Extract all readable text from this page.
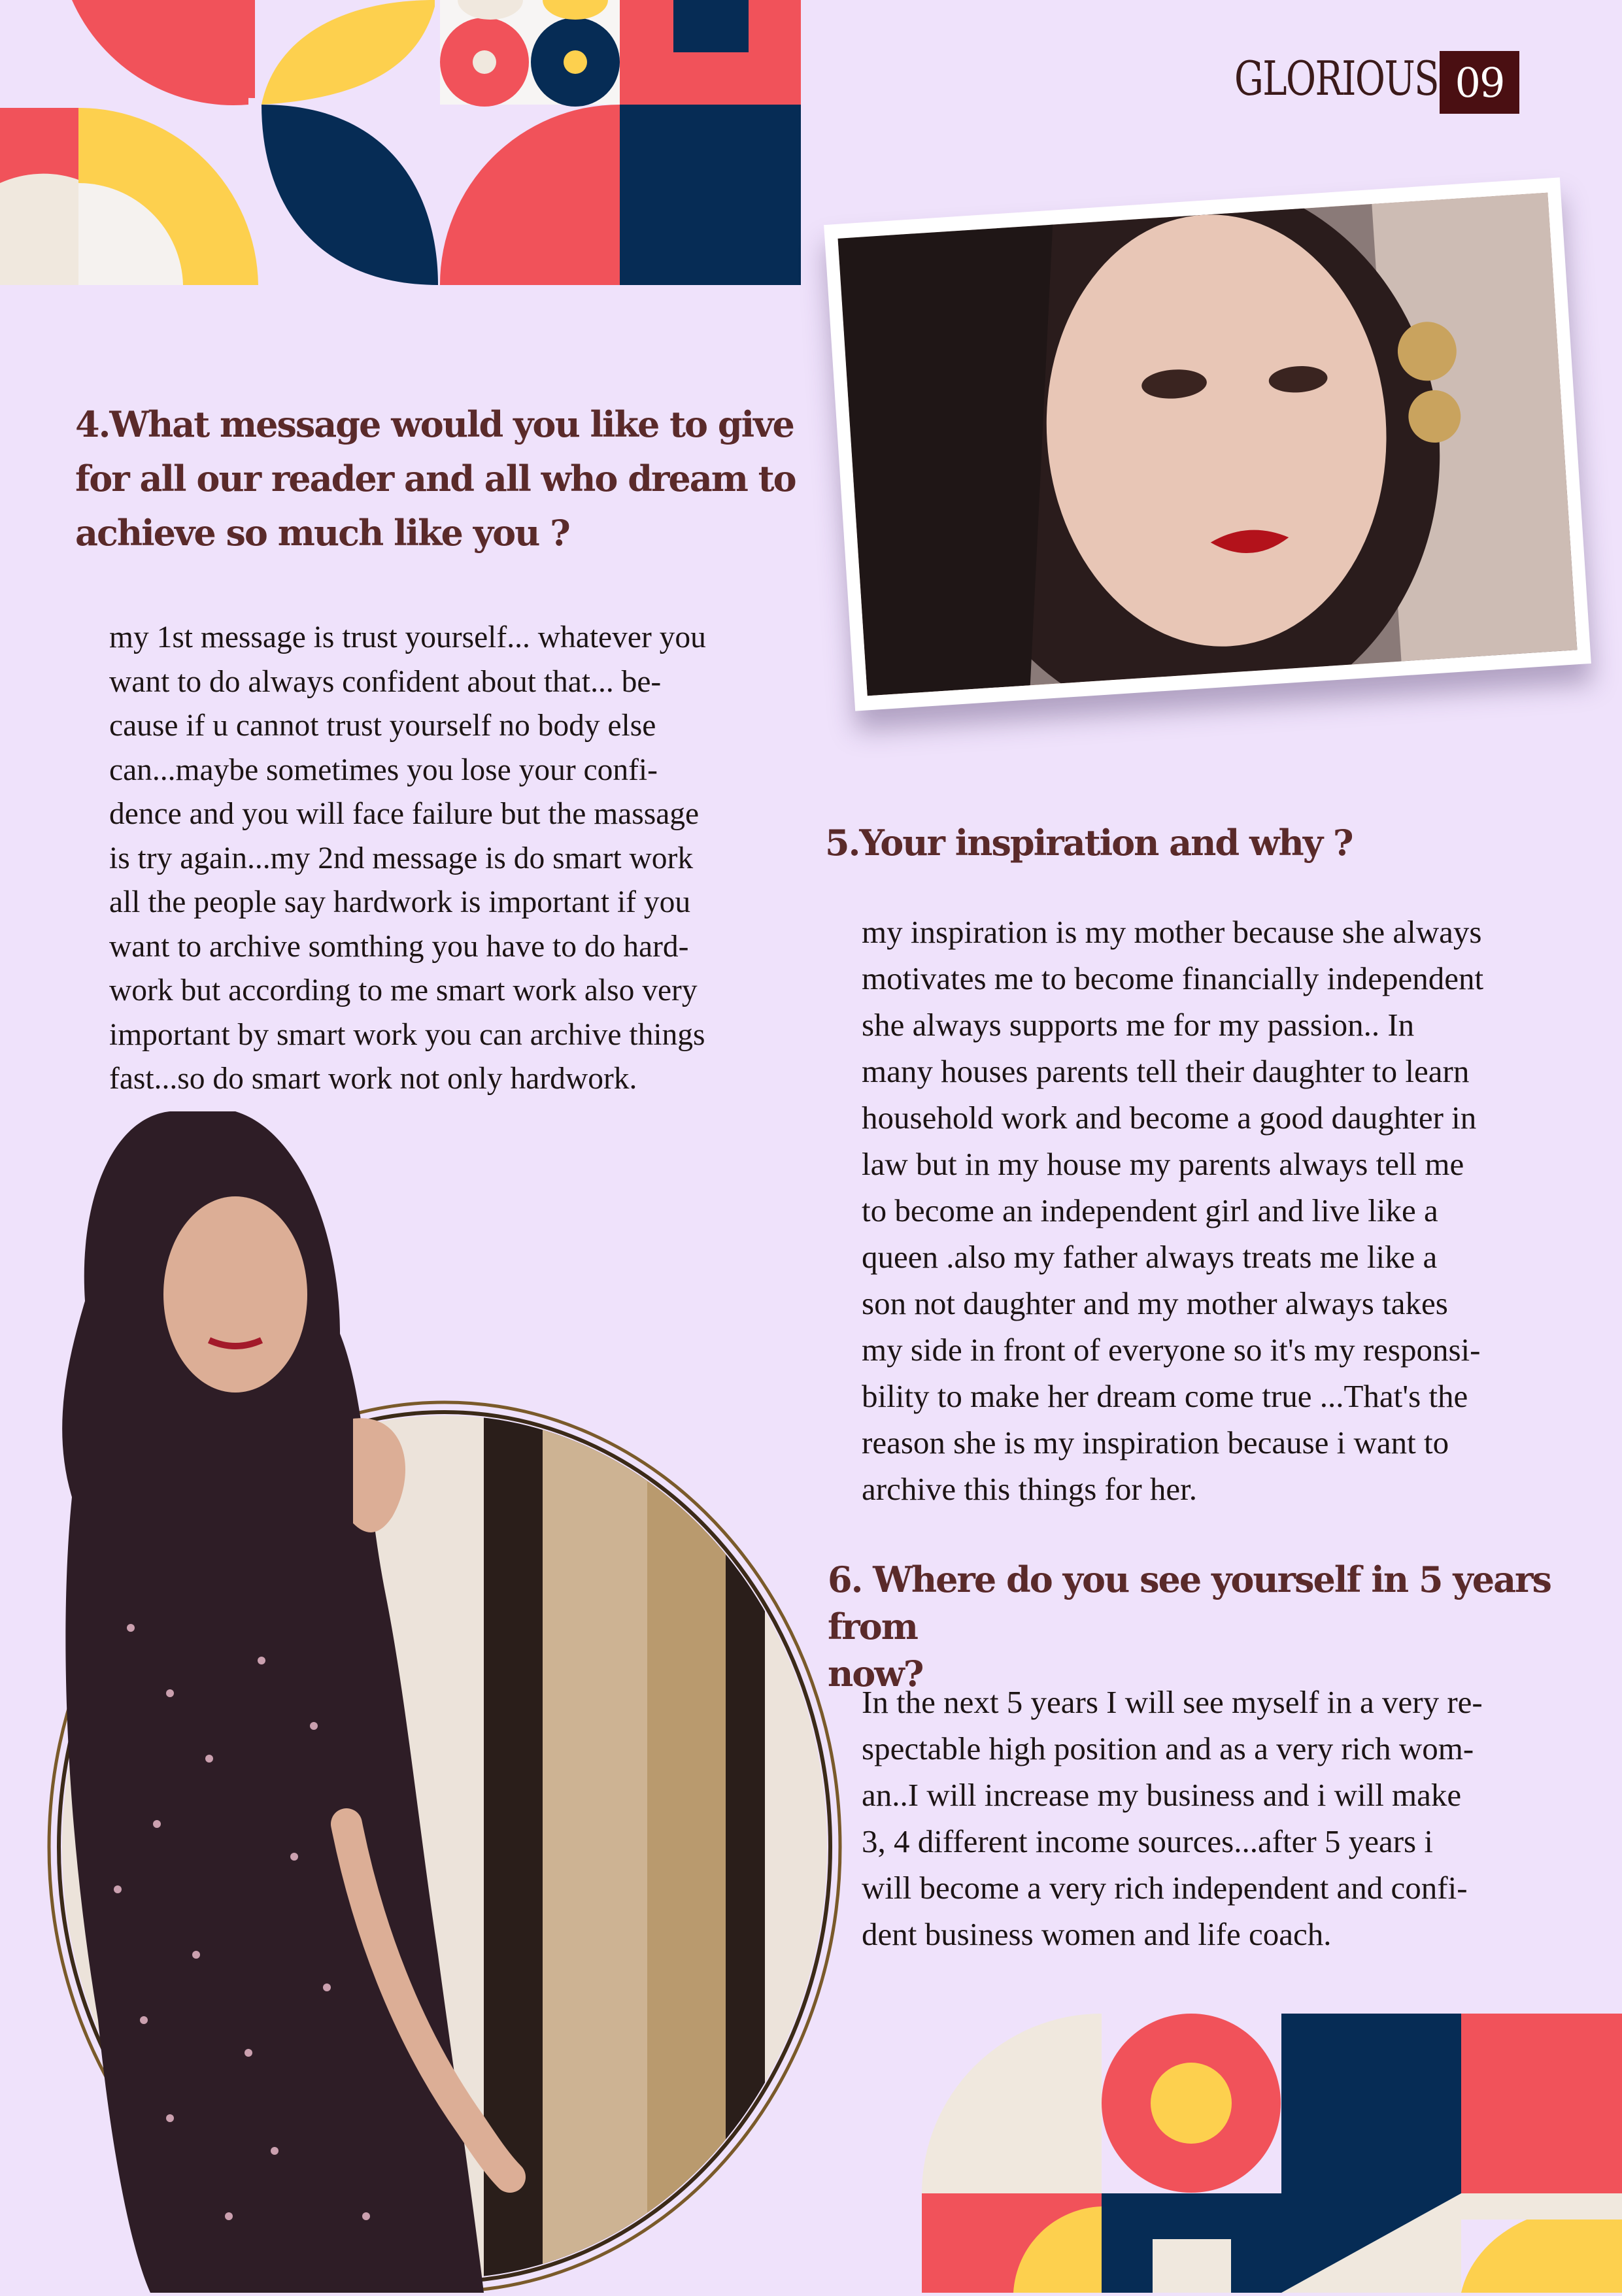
GLORIOUS 09
4.What message would you like to give for all our reader and all who dream to achieve so much like you ?
my 1st message is trust yourself... whatever you
want to do always confident about that... be-
cause if u cannot trust yourself no body else
can...maybe sometimes you lose your confi-
dence and you will face failure but the massage
is try again...my 2nd message is do smart work
all the people say hardwork is important if you
want to archive somthing you have to do hard-
work but according to me smart work also very
important by smart work you can archive things
fast...so do smart work not only hardwork.
5.Your inspiration and why ?
my inspiration is my mother because she always
motivates me to become financially independent
she always supports me for my passion.. In
many houses parents tell their daughter to learn
household work and become a good daughter in
law but in my house my parents always tell me
to become an independent girl and live like a
queen .also my father always treats me like a
son not daughter and my mother always takes
my side in front of everyone so it's my responsi-
bility to make her dream come true ...That's the
reason she is my inspiration because i want to
archive this things for her.
6. Where do you see yourself in 5 years from
now?
In the next 5 years I will see myself in a very re-
spectable high position and as a very rich wom-
an..I will increase my business and i will make
3, 4 different income sources...after 5 years i
will become a very rich independent and confi-
dent business women and life coach.
